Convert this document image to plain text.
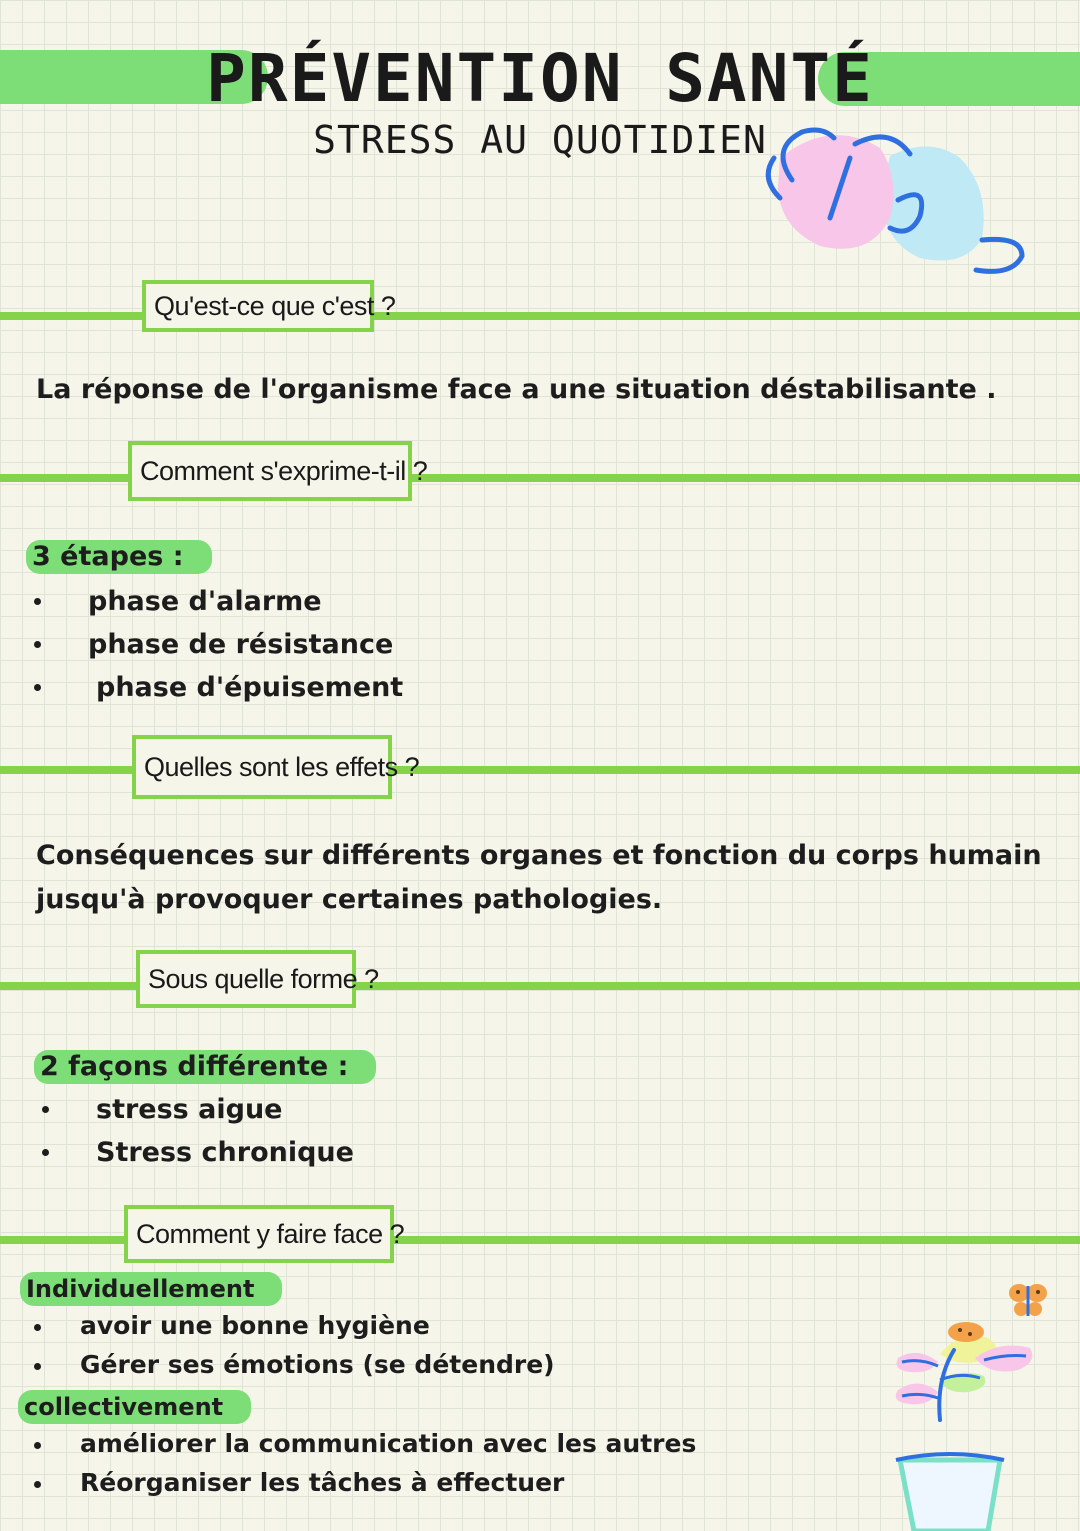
PRÉVENTION SANTÉ
STRESS AU QUOTIDIEN
Qu'est-ce que c'est ?
La réponse de l'organisme face a une situation déstabilisante .
Comment s'exprime-t-il ?
3 étapes :
phase d'alarme
phase de résistance
phase d'épuisement
Quelles sont les effets ?
Conséquences sur différents organes et fonction du corps humain
jusqu'à provoquer certaines pathologies.
Sous quelle forme ?
2 façons différente :
stress aigue
Stress chronique
Comment y faire face ?
Individuellement
avoir une bonne hygiène
Gérer ses émotions (se détendre)
collectivement
améliorer la communication avec les autres
Réorganiser les tâches à effectuer
